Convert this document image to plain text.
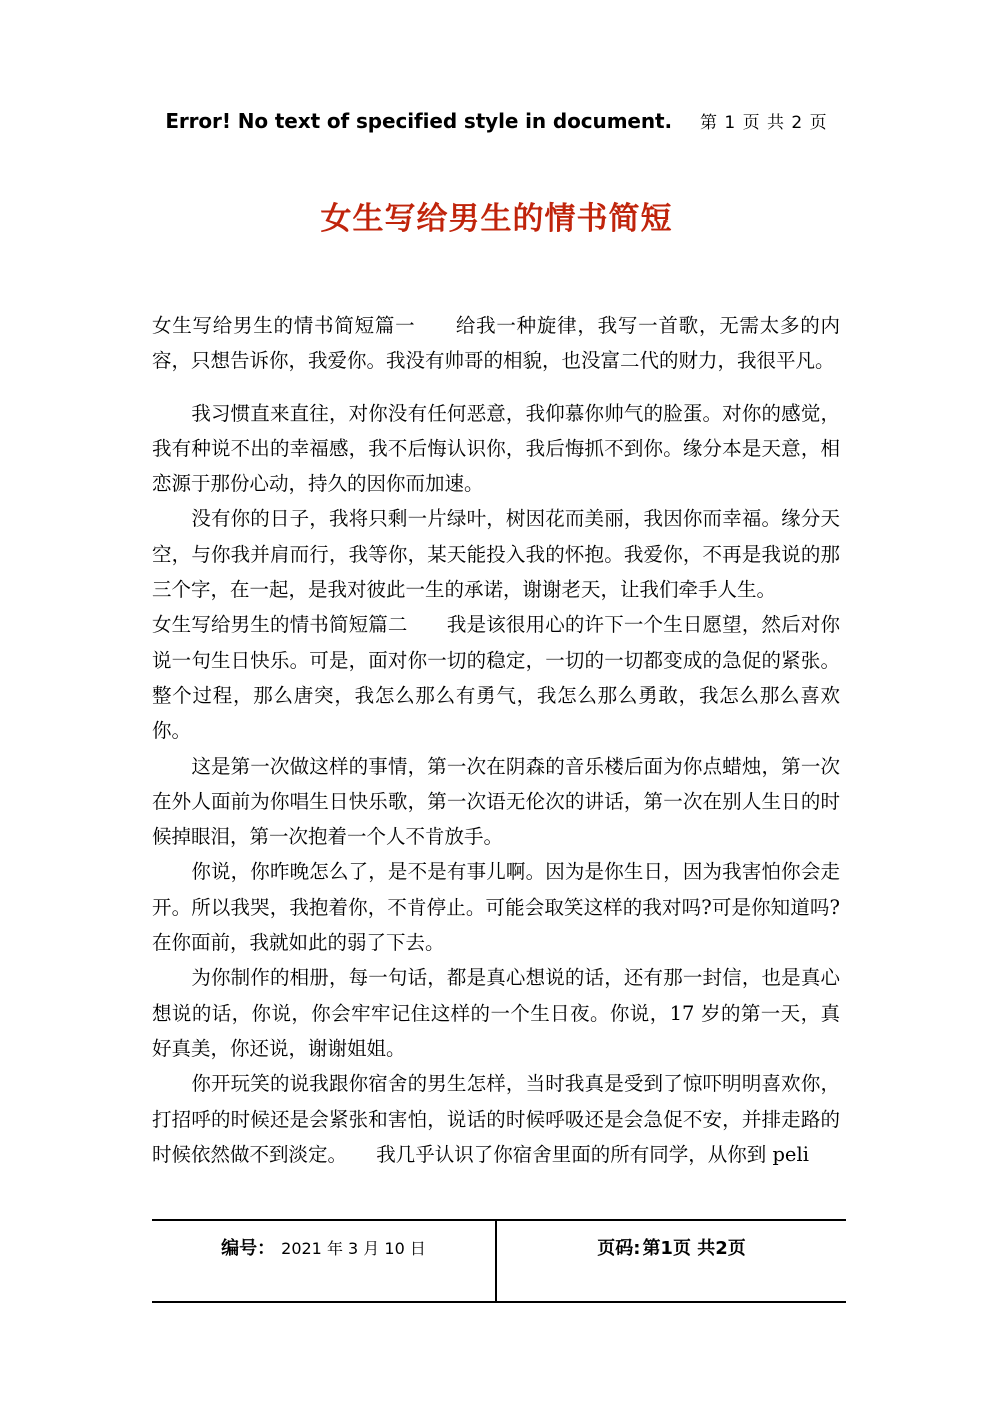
Error! No text of specified style in document. 第 1 页 共 2 页
女生写给男生的情书简短

女生写给男生的情书简短篇一　　给我一种旋律，我写一首歌，无需太多的内容，只想告诉你，我爱你。我没有帅哥的相貌，也没富二代的财力，我很平凡。

　　我习惯直来直往，对你没有任何恶意，我仰慕你帅气的脸蛋。对你的感觉，我有种说不出的幸福感，我不后悔认识你，我后悔抓不到你。缘分本是天意，相恋源于那份心动，持久的因你而加速。

　　没有你的日子，我将只剩一片绿叶，树因花而美丽，我因你而幸福。缘分天空，与你我并肩而行，我等你，某天能投入我的怀抱。我爱你，不再是我说的那三个字，在一起，是我对彼此一生的承诺，谢谢老天，让我们牵手人生。

女生写给男生的情书简短篇二　　我是该很用心的许下一个生日愿望，然后对你说一句生日快乐。可是，面对你一切的稳定，一切的一切都变成的急促的紧张。整个过程，那么唐突，我怎么那么有勇气，我怎么那么勇敢，我怎么那么喜欢你。

　　这是第一次做这样的事情，第一次在阴森的音乐楼后面为你点蜡烛，第一次在外人面前为你唱生日快乐歌，第一次语无伦次的讲话，第一次在别人生日的时候掉眼泪，第一次抱着一个人不肯放手。

　　你说，你昨晚怎么了，是不是有事儿啊。因为是你生日，因为我害怕你会走开。所以我哭，我抱着你，不肯停止。可能会取笑这样的我对吗?可是你知道吗?在你面前，我就如此的弱了下去。

　　为你制作的相册，每一句话，都是真心想说的话，还有那一封信，也是真心想说的话，你说，你会牢牢记住这样的一个生日夜。你说，17 岁的第一天，真好真美，你还说，谢谢姐姐。

　　你开玩笑的说我跟你宿舍的男生怎样，当时我真是受到了惊吓明明喜欢你，打招呼的时候还是会紧张和害怕，说话的时候呼吸还是会急促不安，并排走路的时候依然做不到淡定。　　我几乎认识了你宿舍里面的所有同学，从你到 peli

编号： 2021 年 3 月 10 日	页码: 第1页 共2页
